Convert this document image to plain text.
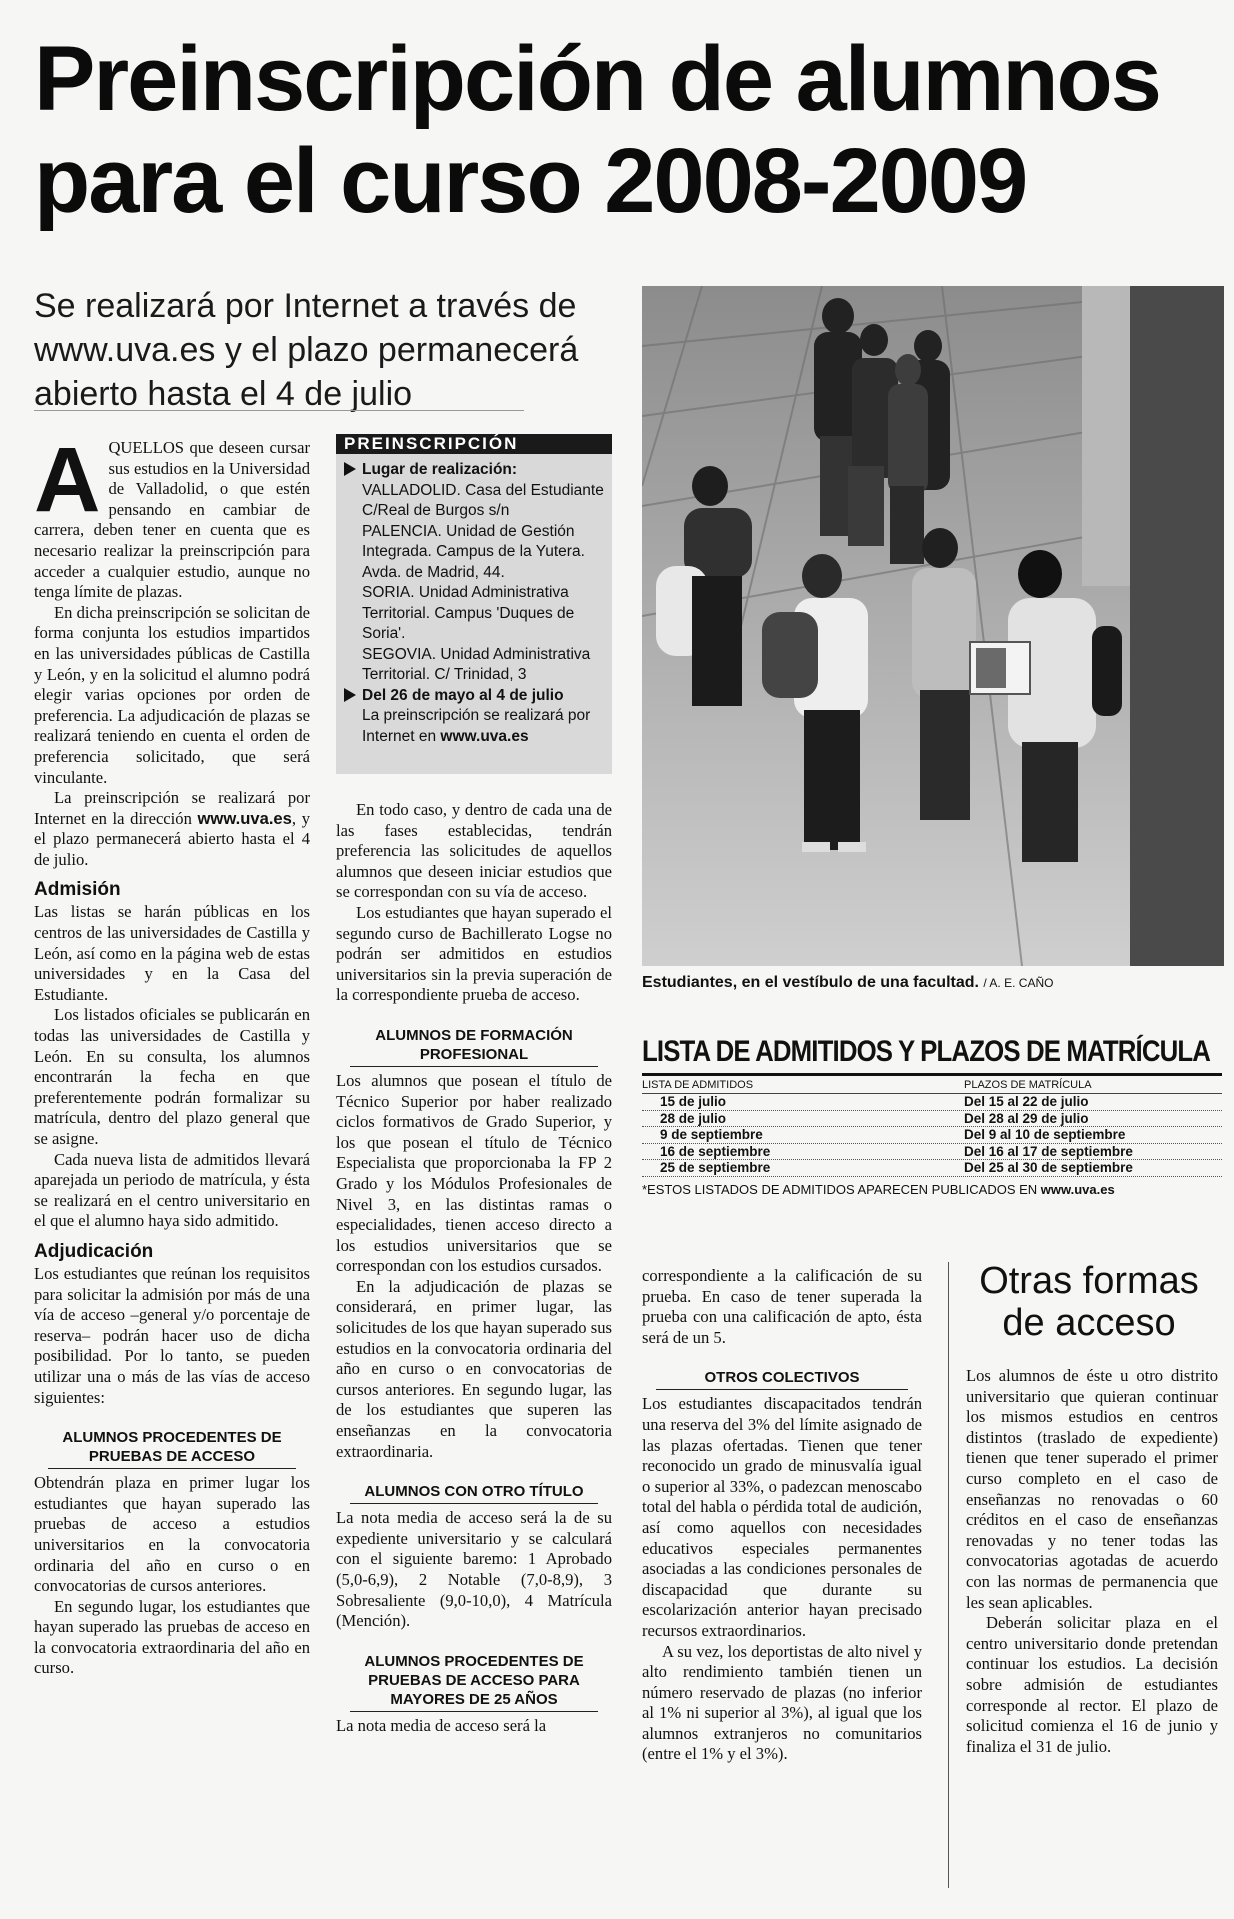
Preinscripción de alumnos
para el curso 2008-2009
Se realizará por Internet a través de www.uva.es y el plazo permanecerá abierto hasta el 4 de julio

AQUELLOS que deseen cursar sus estudios en la Universidad de Valladolid, o que estén pensando en cambiar de carrera, deben tener en cuenta que es necesario realizar la preinscripción para acceder a cualquier estudio, aunque no tenga límite de plazas.

En dicha preinscripción se solicitan de forma conjunta los estudios impartidos en las universidades públicas de Castilla y León, y en la solicitud el alumno podrá elegir varias opciones por orden de preferencia. La adjudicación de plazas se realizará teniendo en cuenta el orden de preferencia solicitado, que será vinculante.

La preinscripción se realizará por Internet en la dirección www.uva.es, y el plazo permanecerá abierto hasta el 4 de julio.

Admisión

Las listas se harán públicas en los centros de las universidades de Castilla y León, así como en la página web de estas universidades y en la Casa del Estudiante.

Los listados oficiales se publicarán en todas las universidades de Castilla y León. En su consulta, los alumnos encontrarán la fecha en que preferentemente podrán formalizar su matrícula, dentro del plazo general que se asigne.

Cada nueva lista de admitidos llevará aparejada un periodo de matrícula, y ésta se realizará en el centro universitario en el que el alumno haya sido admitido.

Adjudicación

Los estudiantes que reúnan los requisitos para solicitar la admisión por más de una vía de acceso –general y/o porcentaje de reserva– podrán hacer uso de dicha posibilidad. Por lo tanto, se pueden utilizar una o más de las vías de acceso siguientes:

ALUMNOS PROCEDENTES DE PRUEBAS DE ACCESO

Obtendrán plaza en primer lugar los estudiantes que hayan superado las pruebas de acceso a estudios universitarios en la convocatoria ordinaria del año en curso o en convocatorias de cursos anteriores.

En segundo lugar, los estudiantes que hayan superado las pruebas de acceso en la convocatoria extraordinaria del año en curso.

PREINSCRIPCIÓN
Lugar de realización:
VALLADOLID. Casa del Estudiante C/Real de Burgos s/n
PALENCIA. Unidad de Gestión Integrada. Campus de la Yutera. Avda. de Madrid, 44.
SORIA. Unidad Administrativa Territorial. Campus 'Duques de Soria'.
SEGOVIA. Unidad Administrativa Territorial. C/ Trinidad, 3
Del 26 de mayo al 4 de julio
La preinscripción se realizará por Internet en www.uva.es

En todo caso, y dentro de cada una de las fases establecidas, tendrán preferencia las solicitudes de aquellos alumnos que deseen iniciar estudios que se correspondan con su vía de acceso.

Los estudiantes que hayan superado el segundo curso de Bachillerato Logse no podrán ser admitidos en estudios universitarios sin la previa superación de la correspondiente prueba de acceso.

ALUMNOS DE FORMACIÓN PROFESIONAL

Los alumnos que posean el título de Técnico Superior por haber realizado ciclos formativos de Grado Superior, y los que posean el título de Técnico Especialista que proporcionaba la FP 2 Grado y los Módulos Profesionales de Nivel 3, en las distintas ramas o especialidades, tienen acceso directo a los estudios universitarios que se correspondan con los estudios cursados.

En la adjudicación de plazas se considerará, en primer lugar, las solicitudes de los que hayan superado sus estudios en la convocatoria ordinaria del año en curso o en convocatorias de cursos anteriores. En segundo lugar, las de los estudiantes que superen las enseñanzas en la convocatoria extraordinaria.

ALUMNOS CON OTRO TÍTULO

La nota media de acceso será la de su expediente universitario y se calculará con el siguiente baremo: 1 Aprobado (5,0-6,9), 2 Notable (7,0-8,9), 3 Sobresaliente (9,0-10,0), 4 Matrícula (Mención).

ALUMNOS PROCEDENTES DE PRUEBAS DE ACCESO PARA MAYORES DE 25 AÑOS

La nota media de acceso será la

Estudiantes, en el vestíbulo de una facultad. / A. E. CAÑO
LISTA DE ADMITIDOS Y PLAZOS DE MATRÍCULA
LISTA DE ADMITIDOS	PLAZOS DE MATRÍCULA
15 de julio	Del 15 al 22 de julio
28 de julio	Del 28 al 29 de julio
9 de septiembre	Del 9 al 10 de septiembre
16 de septiembre	Del 16 al 17 de septiembre
25 de septiembre	Del 25 al 30 de septiembre
*ESTOS LISTADOS DE ADMITIDOS APARECEN PUBLICADOS EN www.uva.es

correspondiente a la calificación de su prueba. En caso de tener superada la prueba con una calificación de apto, ésta será de un 5.

OTROS COLECTIVOS

Los estudiantes discapacitados tendrán una reserva del 3% del límite asignado de las plazas ofertadas. Tienen que tener reconocido un grado de minusvalía igual o superior al 33%, o padezcan menoscabo total del habla o pérdida total de audición, así como aquellos con necesidades educativos especiales permanentes asociadas a las condiciones personales de discapacidad que durante su escolarización anterior hayan precisado recursos extraordinarios.

A su vez, los deportistas de alto nivel y alto rendimiento también tienen un número reservado de plazas (no inferior al 1% ni superior al 3%), al igual que los alumnos extranjeros no comunitarios (entre el 1% y el 3%).

Otras formas
de acceso

Los alumnos de éste u otro distrito universitario que quieran continuar los mismos estudios en centros distintos (traslado de expediente) tienen que tener superado el primer curso completo en el caso de enseñanzas no renovadas o 60 créditos en el caso de enseñanzas renovadas y no tener todas las convocatorias agotadas de acuerdo con las normas de permanencia que les sean aplicables.

Deberán solicitar plaza en el centro universitario donde pretendan continuar los estudios. La decisión sobre admisión de estudiantes corresponde al rector. El plazo de solicitud comienza el 16 de junio y finaliza el 31 de julio.
